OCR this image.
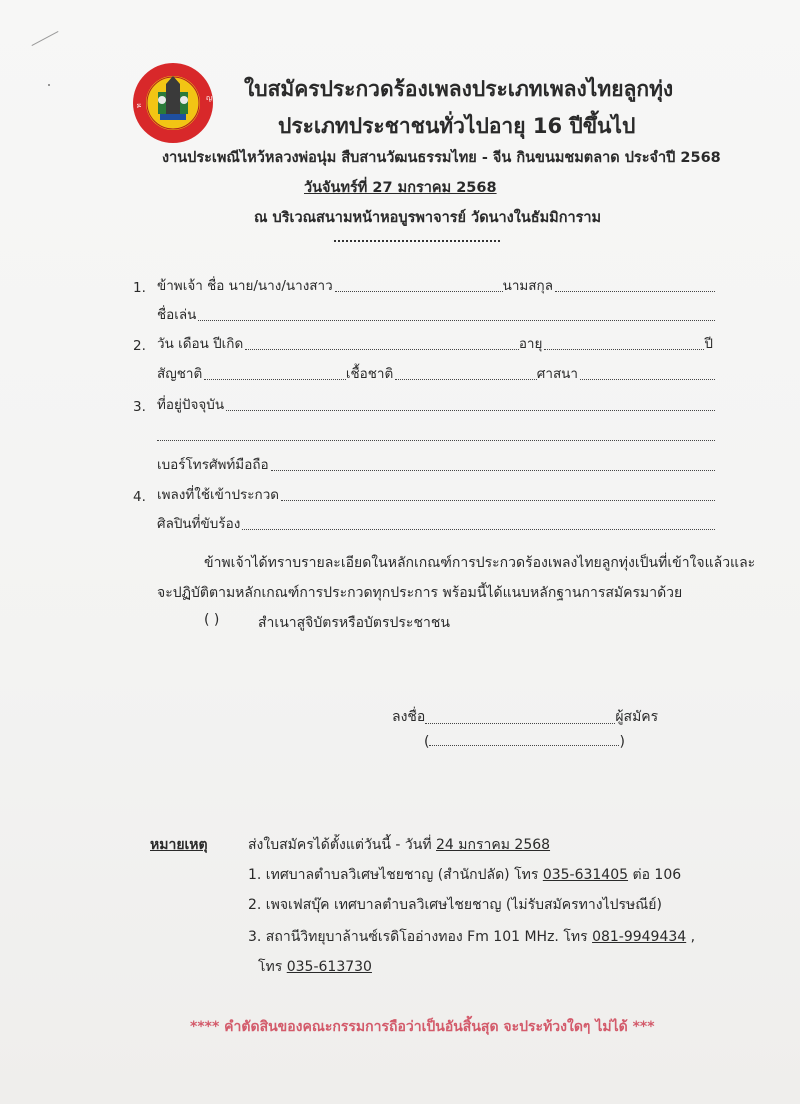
ท
ญ ใบสมัครประกวดร้องเพลงประเภทเพลงไทยลูกทุ่ง
ประเภทประชาชนทั่วไปอายุ 16 ปีขึ้นไป
งานประเพณีไหว้หลวงพ่อนุ่ม สืบสานวัฒนธรรมไทย - จีน กินขนมชมตลาด ประจำปี 2568
วันจันทร์ที่ 27 มกราคม 2568
ณ บริเวณสนามหน้าหอบูรพาจารย์ วัดนางในธัมมิการาม
1. ข้าพเจ้า ชื่อ นาย/นาง/นางสาว	นามสกุล
ชื่อเล่น
2. วัน เดือน ปีเกิด	อายุ	ปี
สัญชาติ	เชื้อชาติ	ศาสนา
3. ที่อยู่ปัจจุบัน
เบอร์โทรศัพท์มือถือ
4. เพลงที่ใช้เข้าประกวด
ศิลปินที่ขับร้อง
ข้าพเจ้าได้ทราบรายละเอียดในหลักเกณฑ์การประกวดร้องเพลงไทยลูกทุ่งเป็นที่เข้าใจแล้วและ
จะปฏิบัติตามหลักเกณฑ์การประกวดทุกประการ พร้อมนี้ได้แนบหลักฐานการสมัครมาด้วย
( )	สำเนาสูจิบัตรหรือบัตรประชาชน
ลงชื่อ	ผู้สมัคร
(	)
หมายเหตุ	ส่งใบสมัครได้ตั้งแต่วันนี้ - วันที่ 24 มกราคม 2568
1. เทศบาลตำบลวิเศษไชยชาญ (สำนักปลัด) โทร 035-631405 ต่อ 106
2. เพจเฟสบุ๊ค เทศบาลตำบลวิเศษไชยชาญ (ไม่รับสมัครทางไปรษณีย์)
3. สถานีวิทยุบาล้านซ์เรดิโออ่างทอง Fm 101 MHz. โทร 081-9949434 ,
โทร 035-613730
**** คำตัดสินของคณะกรรมการถือว่าเป็นอันสิ้นสุด จะประท้วงใดๆ ไม่ได้ ***
